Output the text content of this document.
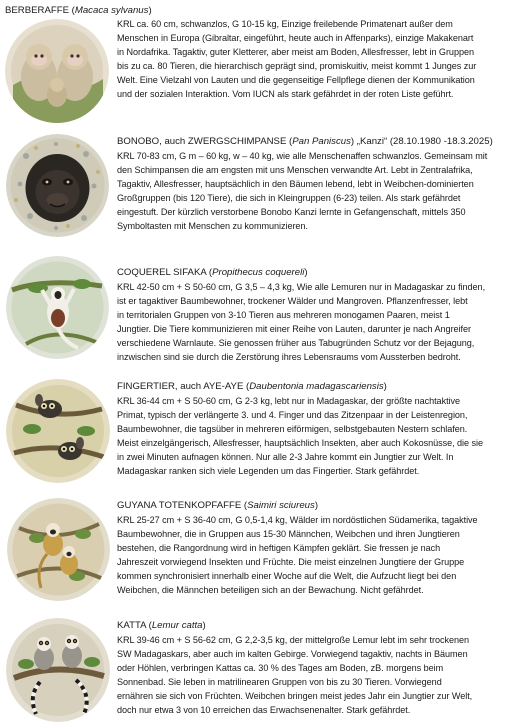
BERBERAFFE (Macaca sylvanus)

KRL ca. 60 cm, schwanzlos, G 10-15 kg, Einzige freilebende Primatenart außer dem

Menschen in Europa (Gibraltar, eingeführt, heute auch in Affenparks), einzige Makakenart

in Nordafrika. Tagaktiv, guter Kletterer, aber meist am Boden, Allesfresser, lebt in Gruppen

bis zu ca. 80 Tieren, die hierarchisch geprägt sind, promiskuitiv, meist kommt 1 Junges zur

Welt. Eine Vielzahl von Lauten und die gegenseitige Fellpflege dienen der Kommunikation

und der sozialen Interaktion. Vom IUCN als stark gefährdet in der roten Liste geführt.

BONOBO, auch ZWERGSCHIMPANSE (Pan Paniscus) „Kanzi“ (28.10.1980 -18.3.2025)

KRL 70-83 cm, G m – 60 kg, w – 40 kg, wie alle Menschenaffen schwanzlos. Gemeinsam mit

den Schimpansen die am engsten mit uns Menschen verwandte Art. Lebt in Zentralafrika,

Tagaktiv, Allesfresser, hauptsächlich in den Bäumen lebend, lebt in Weibchen-dominierten

Großgruppen (bis 120 Tiere), die sich in Kleingruppen (6-23) teilen. Als stark gefährdet

eingestuft. Der kürzlich verstorbene Bonobo Kanzi lernte in Gefangenschaft, mittels 350

Symboltasten mit Menschen zu kommunizieren.

COQUEREL SIFAKA (Propithecus coquereli)

KRL 42-50 cm + S 50-60 cm, G 3,5 – 4,3 kg, Wie alle Lemuren nur in Madagaskar zu finden,

ist er tagaktiver Baumbewohner, trockener Wälder und Mangroven. Pflanzenfresser, lebt

in territorialen Gruppen von 3-10 Tieren aus mehreren monogamen Paaren, meist 1

Jungtier. Die Tiere kommunizieren mit einer Reihe von Lauten, darunter je nach Angreifer

verschiedene Warnlaute. Sie genossen früher aus Tabugründen Schutz vor der Bejagung,

inzwischen sind sie durch die Zerstörung ihres Lebensraums vom Aussterben bedroht.

FINGERTIER, auch AYE-AYE (Daubentonia madagascariensis)

KRL 36-44 cm + S 50-60 cm, G 2-3 kg, lebt nur in Madagaskar, der größte nachtaktive

Primat, typisch der verlängerte 3. und 4. Finger und das Zitzenpaar in der Leistenregion,

Baumbewohner, die tagsüber in mehreren eiförmigen, selbstgebauten Nestern schlafen.

Meist einzelgängerisch, Allesfresser, hauptsächlich Insekten, aber auch Kokosnüsse, die sie

in zwei Minuten aufnagen können. Nur alle 2-3 Jahre kommt ein Jungtier zur Welt. In

Madagaskar ranken sich viele Legenden um das Fingertier. Stark gefährdet.

GUYANA TOTENKOPFAFFE (Saimiri sciureus)

KRL 25-27 cm + S 36-40 cm, G 0,5-1,4 kg, Wälder im nordöstlichen Südamerika, tagaktive

Baumbewohner, die in Gruppen aus 15-30 Männchen, Weibchen und ihren Jungtieren

bestehen, die Rangordnung wird in heftigen Kämpfen geklärt. Sie fressen je nach

Jahreszeit vorwiegend Insekten und Früchte. Die meist einzelnen Jungtiere der Gruppe

kommen synchronisiert innerhalb einer Woche auf die Welt, die Aufzucht liegt bei den

Weibchen, die Männchen beteiligen sich an der Bewachung. Nicht gefährdet.

KATTA (Lemur catta)

KRL 39-46 cm + S 56-62 cm, G 2,2-3,5 kg, der mittelgroße Lemur lebt im sehr trockenen

SW Madagaskars, aber auch im kalten Gebirge. Vorwiegend tagaktiv, nachts in Bäumen

oder Höhlen, verbringen Kattas ca. 30 % des Tages am Boden, zB. morgens beim

Sonnenbad. Sie leben in matrilinearen Gruppen von bis zu 30 Tieren. Vorwiegend

ernähren sie sich von Früchten. Weibchen bringen meist jedes Jahr ein Jungtier zur Welt,

doch nur etwa 3 von 10 erreichen das Erwachsenenalter. Stark gefährdet.
